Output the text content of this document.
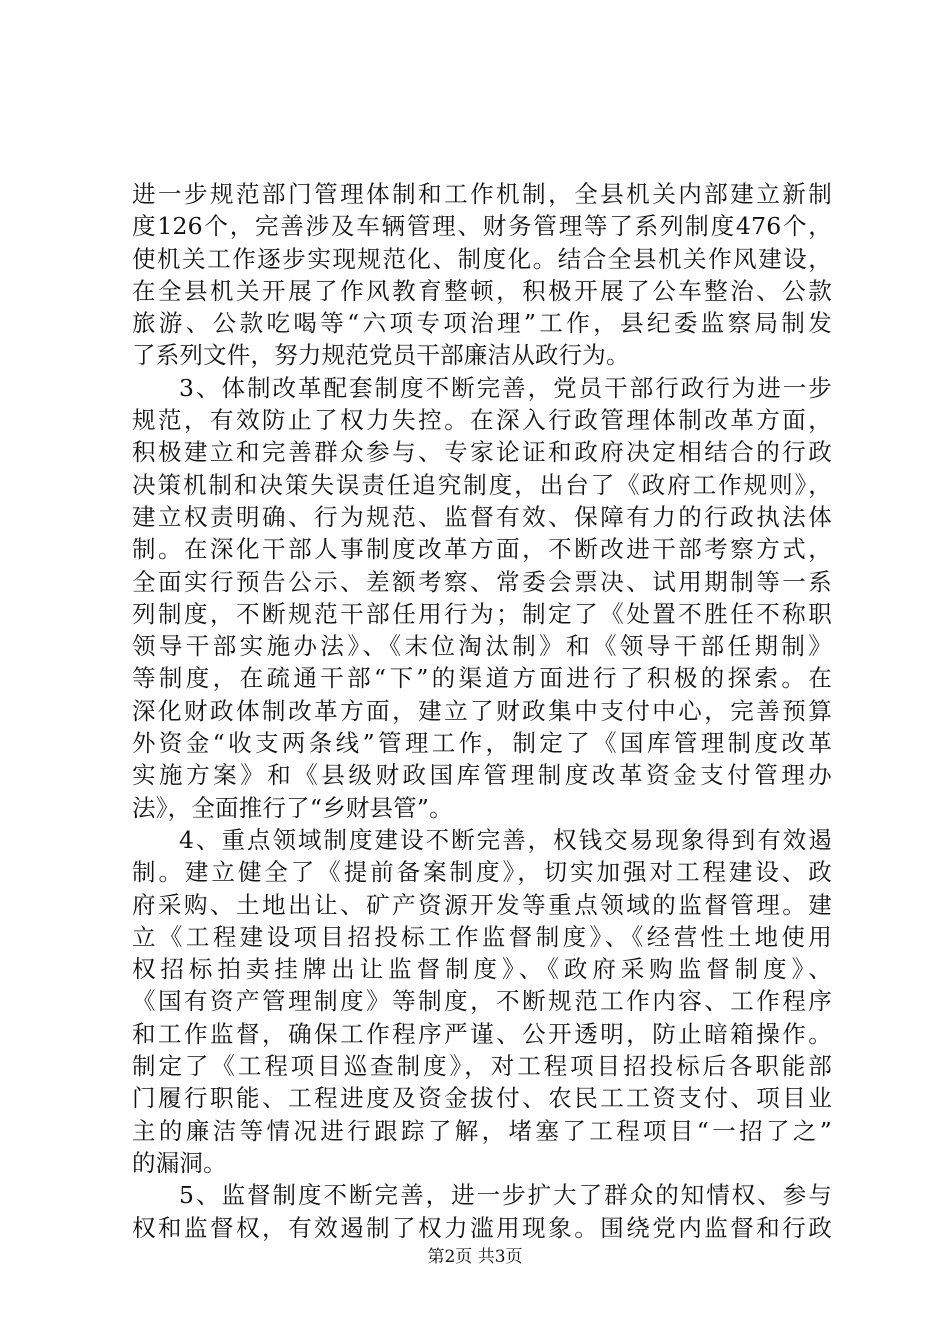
进一步规范部门管理体制和工作机制，全县机关内部建立新制
度126个，完善涉及车辆管理、财务管理等了系列制度476个，
使机关工作逐步实现规范化、制度化。结合全县机关作风建设，
在全县机关开展了作风教育整顿，积极开展了公车整治、公款
旅游、公款吃喝等“六项专项治理”工作，县纪委监察局制发
了系列文件，努力规范党员干部廉洁从政行为。
3、体制改革配套制度不断完善，党员干部行政行为进一步
规范，有效防止了权力失控。在深入行政管理体制改革方面，
积极建立和完善群众参与、专家论证和政府决定相结合的行政
决策机制和决策失误责任追究制度，出台了《政府工作规则》，
建立权责明确、行为规范、监督有效、保障有力的行政执法体
制。在深化干部人事制度改革方面，不断改进干部考察方式，
全面实行预告公示、差额考察、常委会票决、试用期制等一系
列制度，不断规范干部任用行为；制定了《处置不胜任不称职
领导干部实施办法》、《末位淘汰制》和《领导干部任期制》
等制度，在疏通干部“下”的渠道方面进行了积极的探索。在
深化财政体制改革方面，建立了财政集中支付中心，完善预算
外资金“收支两条线”管理工作，制定了《国库管理制度改革
实施方案》和《县级财政国库管理制度改革资金支付管理办
法》，全面推行了“乡财县管”。
4、重点领域制度建设不断完善，权钱交易现象得到有效遏
制。建立健全了《提前备案制度》，切实加强对工程建设、政
府采购、土地出让、矿产资源开发等重点领域的监督管理。建
立《工程建设项目招投标工作监督制度》、《经营性土地使用
权招标拍卖挂牌出让监督制度》、《政府采购监督制度》、
《国有资产管理制度》等制度，不断规范工作内容、工作程序
和工作监督，确保工作程序严谨、公开透明，防止暗箱操作。
制定了《工程项目巡查制度》，对工程项目招投标后各职能部
门履行职能、工程进度及资金拔付、农民工工资支付、项目业
主的廉洁等情况进行跟踪了解，堵塞了工程项目“一招了之”
的漏洞。
5、监督制度不断完善，进一步扩大了群众的知情权、参与
权和监督权，有效遏制了权力滥用现象。围绕党内监督和行政
第2页 共3页
